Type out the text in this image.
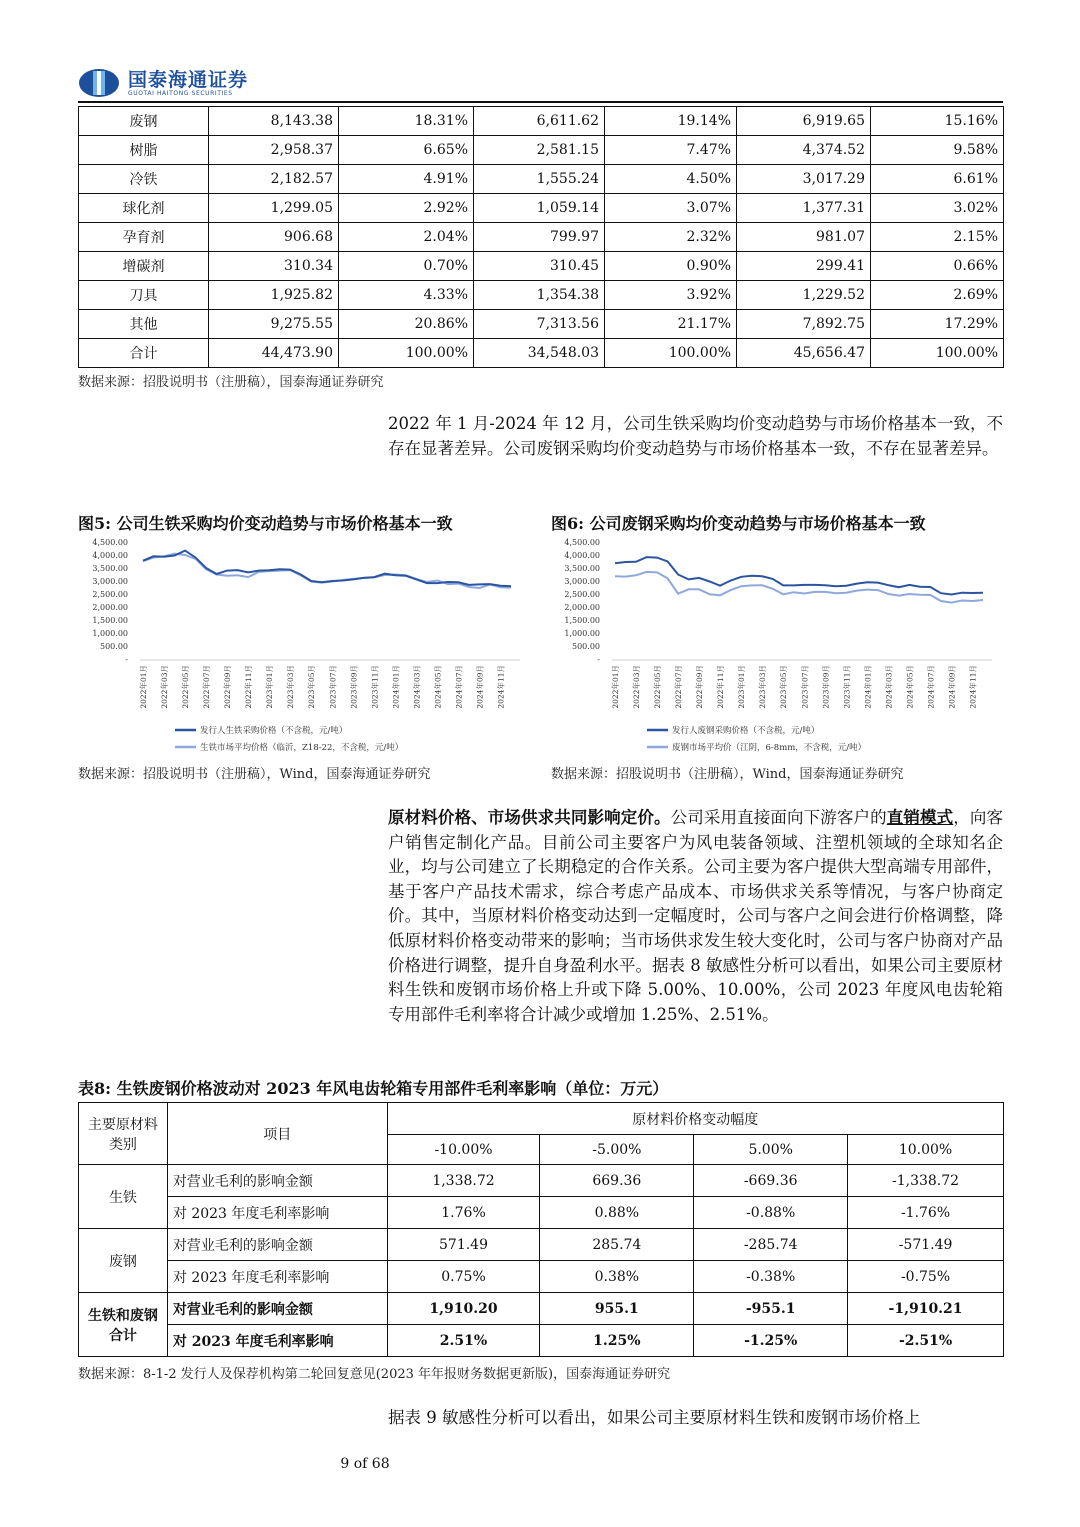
国泰海通证券
GUOTAI HAITONG SECURITIES
废钢	8,143.38	18.31%	6,611.62	19.14%	6,919.65	15.16%
树脂	2,958.37	6.65%	2,581.15	7.47%	4,374.52	9.58%
冷铁	2,182.57	4.91%	1,555.24	4.50%	3,017.29	6.61%
球化剂	1,299.05	2.92%	1,059.14	3.07%	1,377.31	3.02%
孕育剂	906.68	2.04%	799.97	2.32%	981.07	2.15%
增碳剂	310.34	0.70%	310.45	0.90%	299.41	0.66%
刀具	1,925.82	4.33%	1,354.38	3.92%	1,229.52	2.69%
其他	9,275.55	20.86%	7,313.56	21.17%	7,892.75	17.29%
合计	44,473.90	100.00%	34,548.03	100.00%	45,656.47	100.00%
数据来源：招股说明书（注册稿），国泰海通证券研究
2022 年 1 月-2024 年 12 月，公司生铁采购均价变动趋势与市场价格基本一致，不存在显著差异。公司废钢采购均价变动趋势与市场价格基本一致，不存在显著差异。
图5: 公司生铁采购均价变动趋势与市场价格基本一致	图6: 公司废钢采购均价变动趋势与市场价格基本一致
4,500.00
4,000.00
3,500.00
3,000.00
2,500.00
2,000.00
1,500.00
1,000.00
500.00
-
2022年01月 2022年03月 2022年05月 2022年07月 2022年09月 2022年11月 2023年01月 2023年03月 2023年05月 2023年07月 2023年09月 2023年11月 2024年01月 2024年03月 2024年05月 2024年07月 2024年09月 2024年11月
发行人生铁采购价格（不含税，元/吨）
生铁市场平均价格（临沂，Z18-22，不含税，元/吨）
4,500.00
4,000.00
3,500.00
3,000.00
2,500.00
2,000.00
1,500.00
1,000.00
500.00
-
2022年01月 2022年03月 2022年05月 2022年07月 2022年09月 2022年11月 2023年01月 2023年03月 2023年05月 2023年07月 2023年09月 2023年11月 2024年01月 2024年03月 2024年05月 2024年07月 2024年09月 2024年11月
发行人废钢采购价格（不含税，元/吨）
废钢市场平均价（江阴，6-8mm，不含税，元/吨）
数据来源：招股说明书（注册稿），Wind，国泰海通证券研究	数据来源：招股说明书（注册稿），Wind，国泰海通证券研究
原材料价格、市场供求共同影响定价。公司采用直接面向下游客户的直销模式，向客户销售定制化产品。目前公司主要客户为风电装备领域、注塑机领域的全球知名企业，均与公司建立了长期稳定的合作关系。公司主要为客户提供大型高端专用部件，基于客户产品技术需求，综合考虑产品成本、市场供求关系等情况，与客户协商定价。其中，当原材料价格变动达到一定幅度时，公司与客户之间会进行价格调整，降低原材料价格变动带来的影响；当市场供求发生较大变化时，公司与客户协商对产品价格进行调整，提升自身盈利水平。据表 8 敏感性分析可以看出，如果公司主要原材料生铁和废钢市场价格上升或下降 5.00%、10.00%，公司 2023 年度风电齿轮箱专用部件毛利率将合计减少或增加 1.25%、2.51%。
表8: 生铁废钢价格波动对 2023 年风电齿轮箱专用部件毛利率影响（单位：万元）
主要原材料类别	项目	原材料价格变动幅度			
		-10.00%	-5.00%	5.00%	10.00%
生铁	对营业毛利的影响金额	1,338.72	669.36	-669.36	-1,338.72
	对 2023 年度毛利率影响	1.76%	0.88%	-0.88%	-1.76%
废钢	对营业毛利的影响金额	571.49	285.74	-285.74	-571.49
	对 2023 年度毛利率影响	0.75%	0.38%	-0.38%	-0.75%
生铁和废钢合计	对营业毛利的影响金额	1,910.20	955.1	-955.1	-1,910.21
	对 2023 年度毛利率影响	2.51%	1.25%	-1.25%	-2.51%
数据来源：8-1-2 发行人及保荐机构第二轮回复意见(2023 年年报财务数据更新版)，国泰海通证券研究
据表 9 敏感性分析可以看出，如果公司主要原材料生铁和废钢市场价格上
9 of 68
